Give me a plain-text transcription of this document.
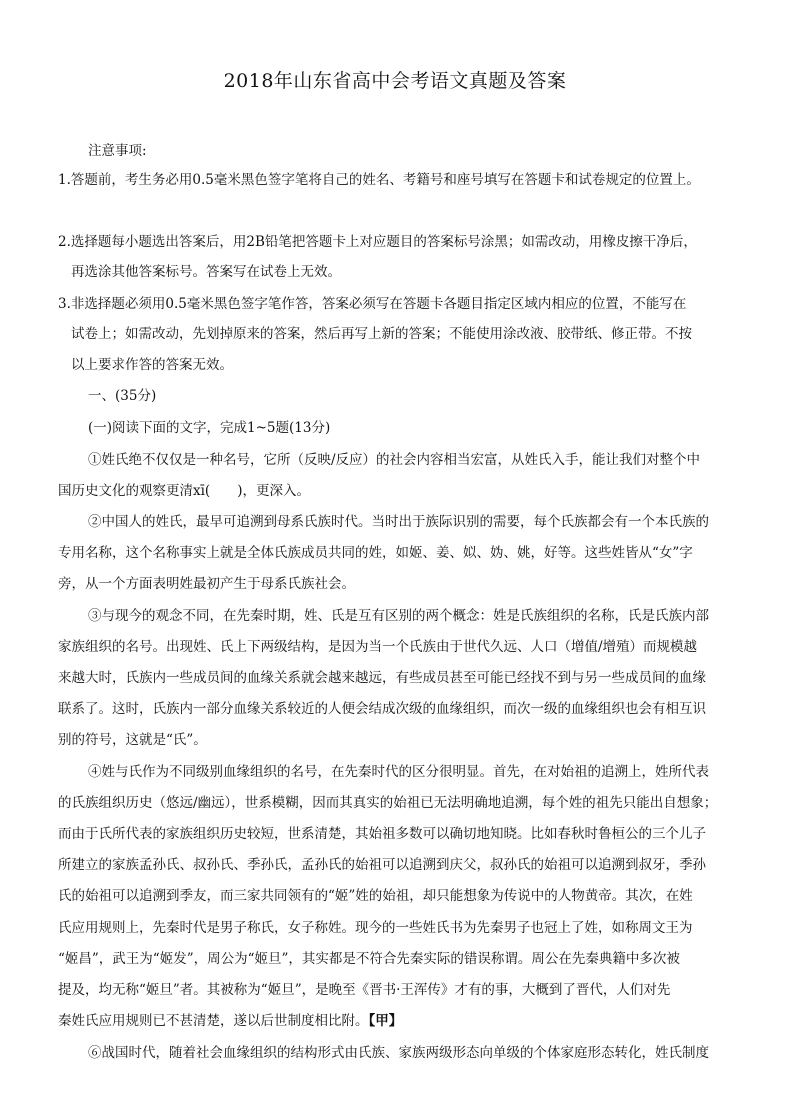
2018年山东省高中会考语文真题及答案
注意事项:
1.答题前，考生务必用0.5毫米黑色签字笔将自己的姓名、考籍号和座号填写在答题卡和试卷规定的位置上。
2.选择题每小题选出答案后，用2B铅笔把答题卡上对应题目的答案标号涂黑；如需改动，用橡皮擦干净后，
再选涂其他答案标号。答案写在试卷上无效。
3.非选择题必须用0.5毫米黑色签字笔作答，答案必须写在答题卡各题目指定区域内相应的位置，不能写在
试卷上；如需改动，先划掉原来的答案，然后再写上新的答案；不能使用涂改液、胶带纸、修正带。不按
以上要求作答的答案无效。
一、(35分)
(一)阅读下面的文字，完成1~5题(13分)
①姓氏绝不仅仅是一种名号，它所（反映/反应）的社会内容相当宏富，从姓氏入手，能让我们对整个中
国历史文化的观察更清xī(　　)，更深入。
②中国人的姓氏，最早可追溯到母系氏族时代。当时出于族际识别的需要，每个氏族都会有一个本氏族的
专用名称，这个名称事实上就是全体氏族成员共同的姓，如姬、姜、姒、妫、姚，好等。这些姓皆从“女”字
旁，从一个方面表明姓最初产生于母系氏族社会。
③与现今的观念不同，在先秦时期，姓、氏是互有区别的两个概念：姓是氏族组织的名称，氏是氏族内部
家族组织的名号。出现姓、氏上下两级结构，是因为当一个氏族由于世代久远、人口（增值/增殖）而规模越
来越大时，氏族内一些成员间的血缘关系就会越来越远，有些成员甚至可能已经找不到与另一些成员间的血缘
联系了。这时，氏族内一部分血缘关系较近的人便会结成次级的血缘组织，而次一级的血缘组织也会有相互识
别的符号，这就是“氏”。
④姓与氏作为不同级别血缘组织的名号，在先秦时代的区分很明显。首先，在对始祖的追溯上，姓所代表
的氏族组织历史（悠远/幽远），世系模糊，因而其真实的始祖已无法明确地追溯，每个姓的祖先只能出自想象；
而由于氏所代表的家族组织历史较短，世系清楚，其始祖多数可以确切地知晓。比如春秋时鲁桓公的三个儿子
所建立的家族孟孙氏、叔孙氏、季孙氏，孟孙氏的始祖可以追溯到庆父，叔孙氏的始祖可以追溯到叔牙，季孙
氏的始祖可以追溯到季友，而三家共同领有的“姬”姓的始祖，却只能想象为传说中的人物黄帝。其次，在姓
氏应用规则上，先秦时代是男子称氏，女子称姓。现今的一些姓氏书为先秦男子也冠上了姓，如称周文王为
“姬昌”，武王为“姬发”，周公为“姬旦”，其实都是不符合先秦实际的错误称谓。周公在先秦典籍中多次被
提及，均无称“姬旦”者。其被称为“姬旦”，是晚至《晋书·王浑传》才有的事，大概到了晋代，人们对先
秦姓氏应用规则已不甚清楚，遂以后世制度相比附。【甲】
⑥战国时代，随着社会血缘组织的结构形式由氏族、家族两级形态向单级的个体家庭形态转化，姓氏制度
